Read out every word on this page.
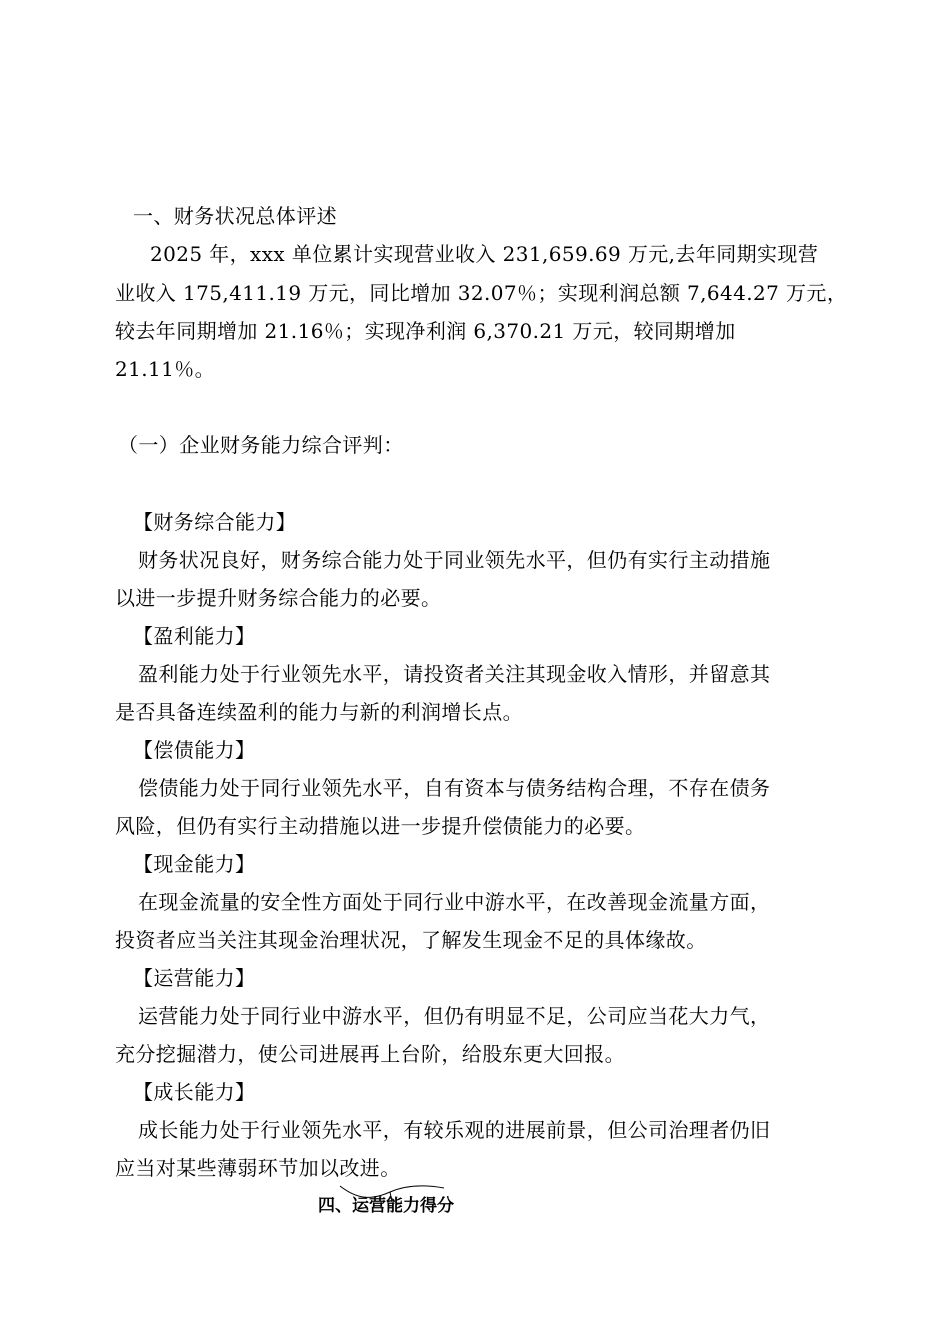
一、财务状况总体评述
2025 年，xxx 单位累计实现营业收入 231,659.69 万元,去年同期实现营
业收入 175,411.19 万元，同比增加 32.07％；实现利润总额 7,644.27 万元，
较去年同期增加 21.16％；实现净利润 6,370.21 万元，较同期增加
21.11％。
（一）企业财务能力综合评判：
【财务综合能力】
财务状况良好，财务综合能力处于同业领先水平，但仍有实行主动措施
以进一步提升财务综合能力的必要。
【盈利能力】
盈利能力处于行业领先水平，请投资者关注其现金收入情形，并留意其
是否具备连续盈利的能力与新的利润增长点。
【偿债能力】
偿债能力处于同行业领先水平，自有资本与债务结构合理，不存在债务
风险，但仍有实行主动措施以进一步提升偿债能力的必要。
【现金能力】
在现金流量的安全性方面处于同行业中游水平，在改善现金流量方面，
投资者应当关注其现金治理状况，了解发生现金不足的具体缘故。
【运营能力】
运营能力处于同行业中游水平，但仍有明显不足，公司应当花大力气，
充分挖掘潜力，使公司进展再上台阶，给股东更大回报。
【成长能力】
成长能力处于行业领先水平，有较乐观的进展前景，但公司治理者仍旧
应当对某些薄弱环节加以改进。
四、运营能力得分
